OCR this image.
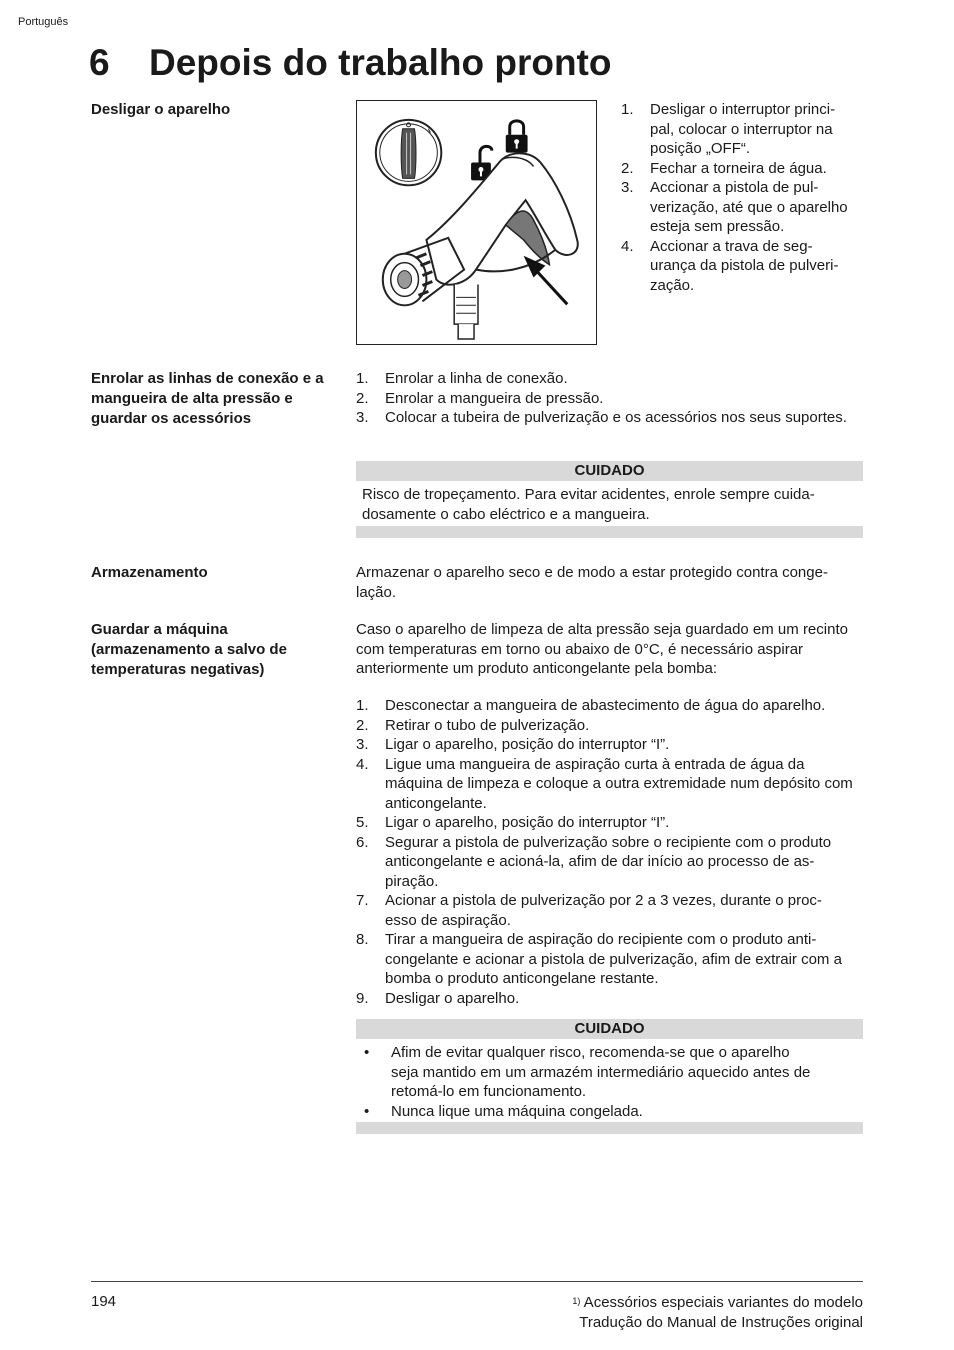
Português
6 Depois do trabalho pronto
Desligar o aparelho	1. Desligar o interruptor princi-
pal, colocar o interruptor na
posição „OFF“.
2. Fechar a torneira de água.
3. Accionar a pistola de pul-
verização, até que o aparelho
esteja sem pressão.
4. Accionar a trava de seg-
urança da pistola de pulveri-
zação.
Enrolar as linhas de conexão e a mangueira de alta pressão e guardar os acessórios
1. Enrolar a linha de conexão.
2. Enrolar a mangueira de pressão.
3. Colocar a tubeira de pulverização e os acessórios nos seus suportes.
CUIDADO
Risco de tropeçamento. Para evitar acidentes, enrole sempre cuida-
dosamente o cabo eléctrico e a mangueira.
Armazenamento	Armazenar o aparelho seco e de modo a estar protegido contra conge-
lação.
Guardar a máquina (armazenamento a salvo de temperaturas negativas)
Caso o aparelho de limpeza de alta pressão seja guardado em um recinto com temperaturas em torno ou abaixo de 0°C, é necessário aspirar anteriormente um produto anticongelante pela bomba:
1. Desconectar a mangueira de abastecimento de água do aparelho.
2. Retirar o tubo de pulverização.
3. Ligar o aparelho, posição do interruptor “I”.
4. Ligue uma mangueira de aspiração curta à entrada de água da máquina de limpeza e coloque a outra extremidade num depósito com anticongelante.
5. Ligar o aparelho, posição do interruptor “I”.
6. Segurar a pistola de pulverização sobre o recipiente com o produto anticongelante e acioná-la, afim de dar início ao processo de as-
piração.
7. Acionar a pistola de pulverização por 2 a 3 vezes, durante o proc-
esso de aspiração.
8. Tirar a mangueira de aspiração do recipiente com o produto anti-
congelante e acionar a pistola de pulverização, afim de extrair com a bomba o produto anticongelane restante.
9. Desligar o aparelho.
CUIDADO
• Afim de evitar qualquer risco, recomenda-se que o aparelho
seja mantido em um armazém intermediário aquecido antes de
retomá-lo em funcionamento.
• Nunca lique uma máquina congelada.
194	$^{1)}$ Acessórios especiais variantes do modelo
Tradução do Manual de Instruções original
